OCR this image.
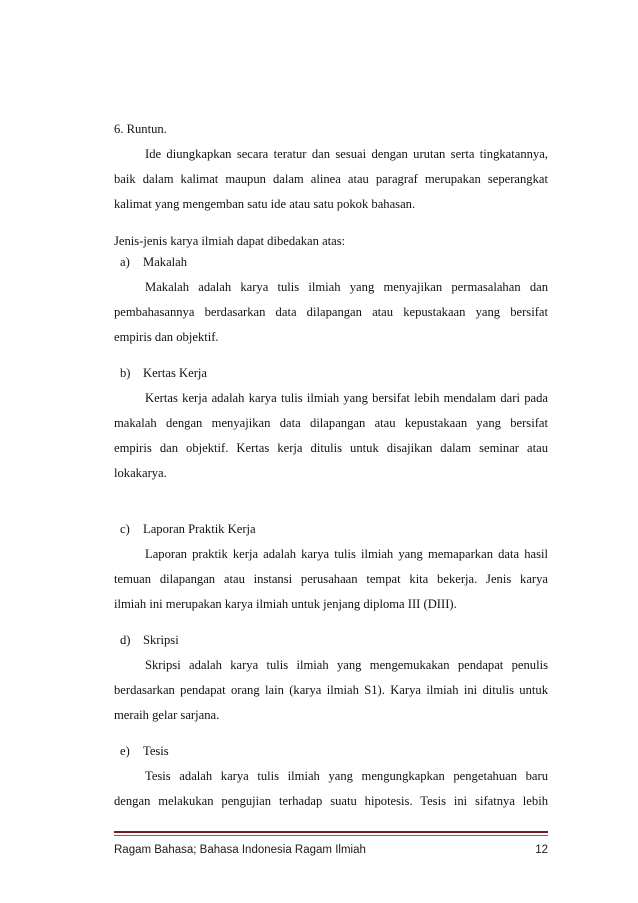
6. Runtun.
Ide diungkapkan secara teratur dan sesuai dengan urutan serta tingkatannya,
baik dalam kalimat maupun dalam alinea atau paragraf merupakan seperangkat
kalimat yang mengemban satu ide atau satu pokok bahasan.
Jenis-jenis karya ilmiah dapat dibedakan atas:
a) Makalah
Makalah adalah karya tulis ilmiah yang menyajikan permasalahan dan
pembahasannya berdasarkan data dilapangan atau kepustakaan yang bersifat
empiris dan objektif.
b) Kertas Kerja
Kertas kerja adalah karya tulis ilmiah yang bersifat lebih mendalam dari pada
makalah dengan menyajikan data dilapangan atau kepustakaan yang bersifat
empiris dan objektif. Kertas kerja ditulis untuk disajikan dalam seminar atau
lokakarya.
c) Laporan Praktik Kerja
Laporan praktik kerja adalah karya tulis ilmiah yang memaparkan data hasil
temuan dilapangan atau instansi perusahaan tempat kita bekerja. Jenis karya
ilmiah ini merupakan karya ilmiah untuk jenjang diploma III (DIII).
d) Skripsi
Skripsi adalah karya tulis ilmiah yang mengemukakan pendapat penulis
berdasarkan pendapat orang lain (karya ilmiah S1). Karya ilmiah ini ditulis untuk
meraih gelar sarjana.
e) Tesis
Tesis adalah karya tulis ilmiah yang mengungkapkan pengetahuan baru
dengan melakukan pengujian terhadap suatu hipotesis. Tesis ini sifatnya lebih
Ragam Bahasa; Bahasa Indonesia Ragam Ilmiah	12
